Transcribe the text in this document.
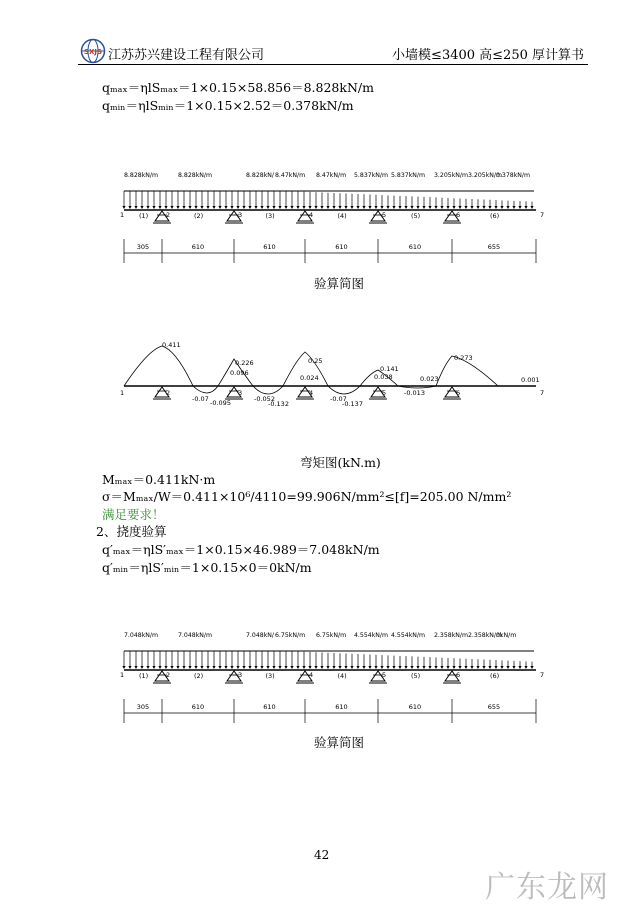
SXJS 江苏苏兴建设工程有限公司	小墙模≤3400 高≤250 厚计算书
qₘₐₓ＝ηlSₘₐₓ＝1×0.15×58.856＝8.828kN/m
qₘᵢₙ＝ηlSₘᵢₙ＝1×0.15×2.52＝0.378kN/m
8.828kN/m	8.828kN/m	8.828kN/ 8.47kN/m 8.47kN/m 5.837kN/m 5.837kN/m 3.205kN/m 3.205kN/m
0.378kN/m
1	2	3	4	5	6	7
(1)	(2)	(3)	(4)	(5)	(6)
305	610	610	610	610	655
验算简图
1	2	3	4	5	6	7
0.411
0.226
0.096
0.25
0.024
0.141
0.038
0.273
0.023	0.001
-0.07 -0.095	-0.052
-0.132
-0.07
-0.137
-0.013
弯矩图(kN.m)
Mₘₐₓ＝0.411kN·m
σ＝Mₘₐₓ/W＝0.411×10⁶/4110=99.906N/mm²≤[f]=205.00 N/mm²
满足要求！
2、挠度验算
q′ₘₐₓ＝ηlS′ₘₐₓ＝1×0.15×46.989＝7.048kN/m
q′ₘᵢₙ＝ηlS′ₘᵢₙ＝1×0.15×0＝0kN/m
7.048kN/m	7.048kN/m	7.048kN/ 6.75kN/m 6.75kN/m 4.554kN/m 4.554kN/m 2.358kN/m 2.358kN/m
0kN/m
1	2	3	4	5	6	7
(1)	(2)	(3)	(4)	(5)	(6)
305	610	610	610	610	655
验算简图
42
广东龙网
